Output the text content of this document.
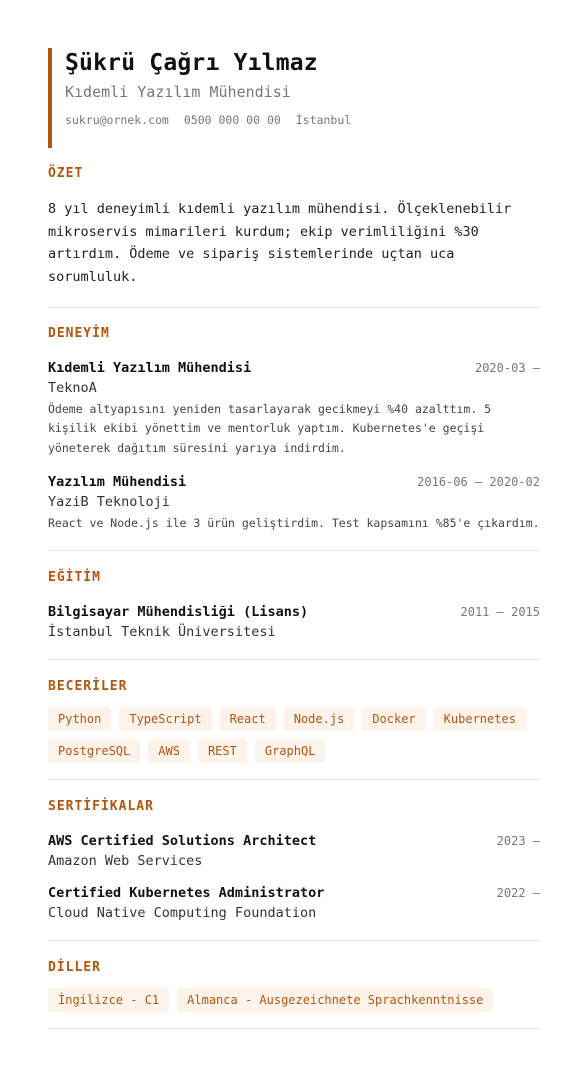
Şükrü Çağrı Yılmaz
Kıdemli Yazılım Mühendisi
sukru@ornek.com 0500 000 00 00 İstanbul
ÖZET
8 yıl deneyimli kıdemli yazılım mühendisi. Ölçeklenebilir mikroservis mimarileri kurdum; ekip verimliliğini %30 artırdım. Ödeme ve sipariş sistemlerinde uçtan uca sorumluluk.
DENEYİM
Kıdemli Yazılım Mühendisi	2020-03 –
TeknoA
Ödeme altyapısını yeniden tasarlayarak gecikmeyi %40 azalttım. 5 kişilik ekibi yönettim ve mentorluk yaptım. Kubernetes'e geçişi yöneterek dağıtım süresini yarıya indirdim.
Yazılım Mühendisi	2016-06 – 2020-02
YaziB Teknoloji
React ve Node.js ile 3 ürün geliştirdim. Test kapsamını %85'e çıkardım.
EĞİTİM
Bilgisayar Mühendisliği (Lisans)	2011 – 2015
İstanbul Teknik Üniversitesi
BECERİLER
Python	TypeScript	React	Node.js	Docker	Kubernetes
PostgreSQL	AWS	REST	GraphQL
SERTİFİKALAR
AWS Certified Solutions Architect	2023 –
Amazon Web Services
Certified Kubernetes Administrator	2022 –
Cloud Native Computing Foundation
DİLLER
İngilizce - C1	Almanca - Ausgezeichnete Sprachkenntnisse
